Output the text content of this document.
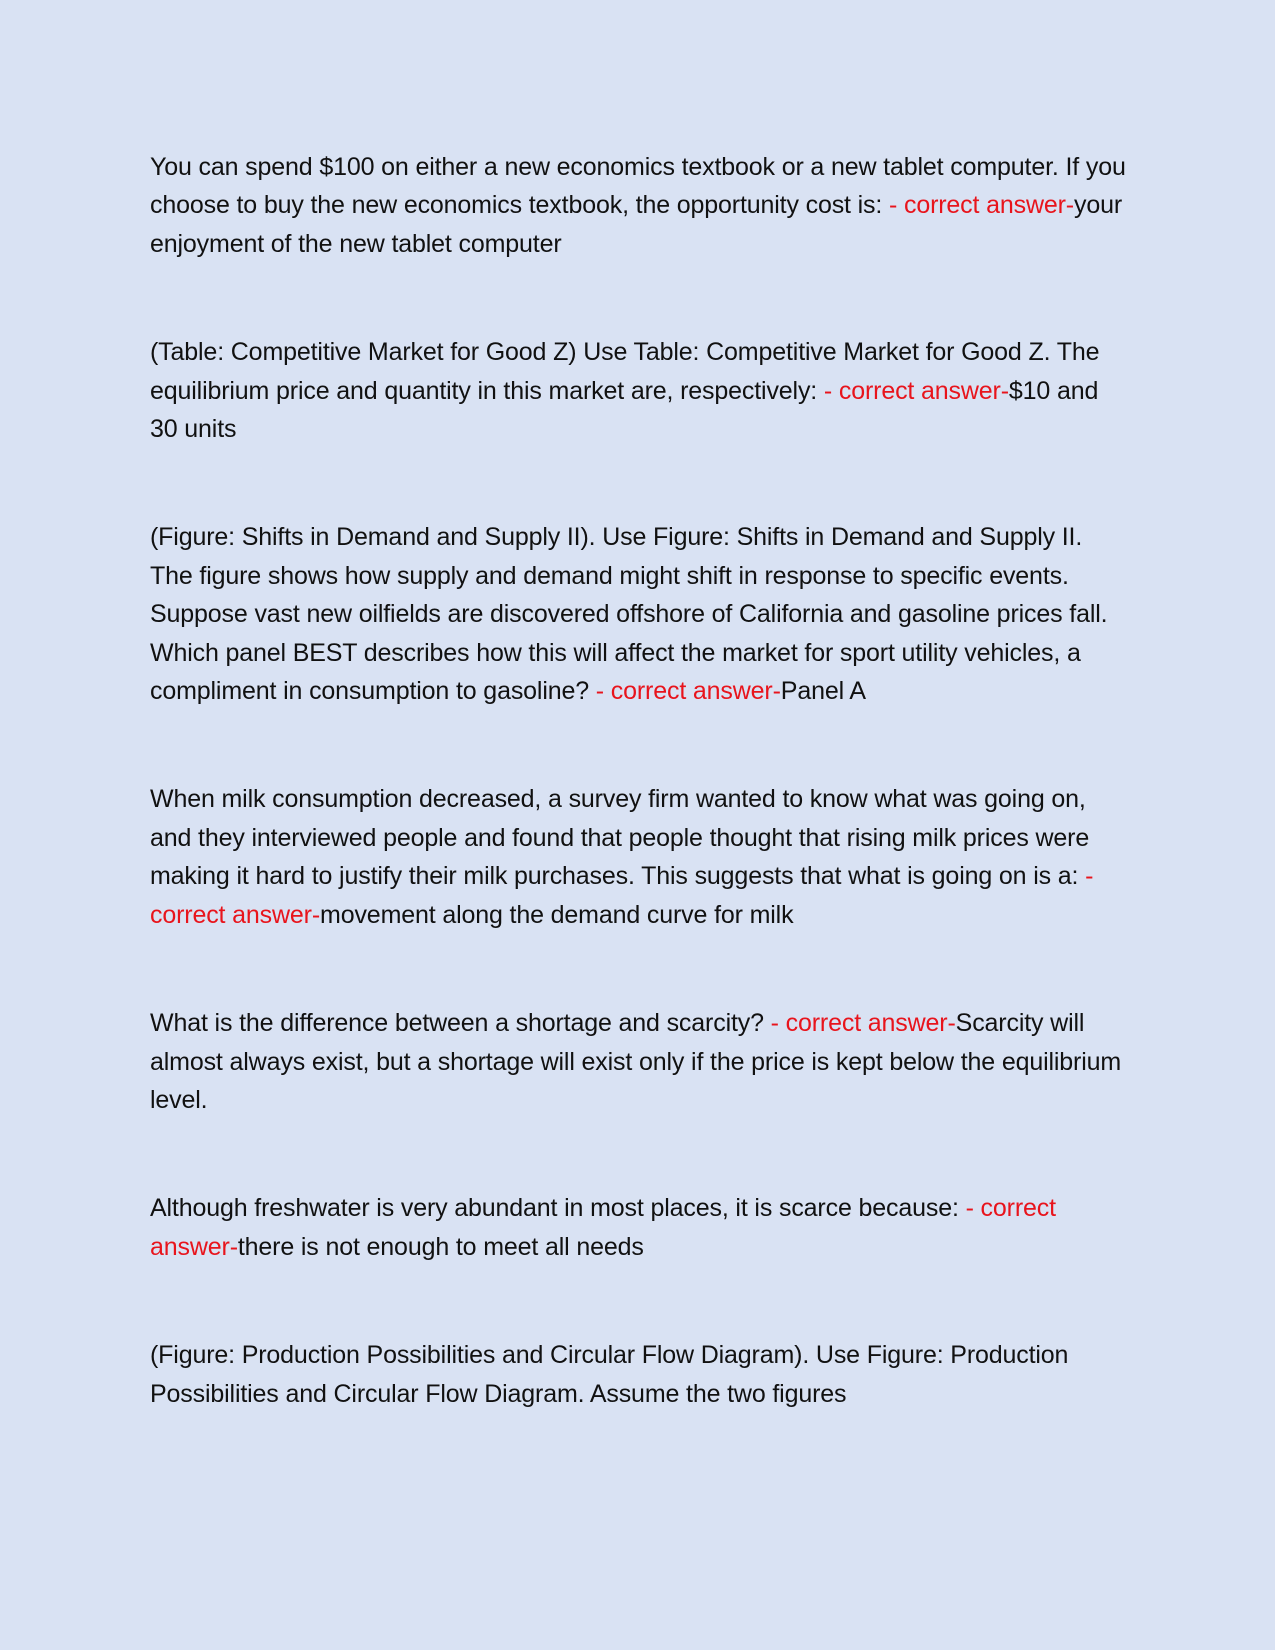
You can spend $100 on either a new economics textbook or a new tablet computer. If you choose to buy the new economics textbook, the opportunity cost is: - correct answer-your enjoyment of the new tablet computer

(Table: Competitive Market for Good Z) Use Table: Competitive Market for Good Z. The equilibrium price and quantity in this market are, respectively: - correct answer-$10 and 30 units

(Figure: Shifts in Demand and Supply II). Use Figure: Shifts in Demand and Supply II. The figure shows how supply and demand might shift in response to specific events. Suppose vast new oilfields are discovered offshore of California and gasoline prices fall. Which panel BEST describes how this will affect the market for sport utility vehicles, a compliment in consumption to gasoline? - correct answer-Panel A

When milk consumption decreased, a survey firm wanted to know what was going on, and they interviewed people and found that people thought that rising milk prices were making it hard to justify their milk purchases. This suggests that what is going on is a: - correct answer-movement along the demand curve for milk

What is the difference between a shortage and scarcity? - correct answer-Scarcity will almost always exist, but a shortage will exist only if the price is kept below the equilibrium level.

Although freshwater is very abundant in most places, it is scarce because: - correct answer-there is not enough to meet all needs

(Figure: Production Possibilities and Circular Flow Diagram). Use Figure: Production Possibilities and Circular Flow Diagram. Assume the two figures
